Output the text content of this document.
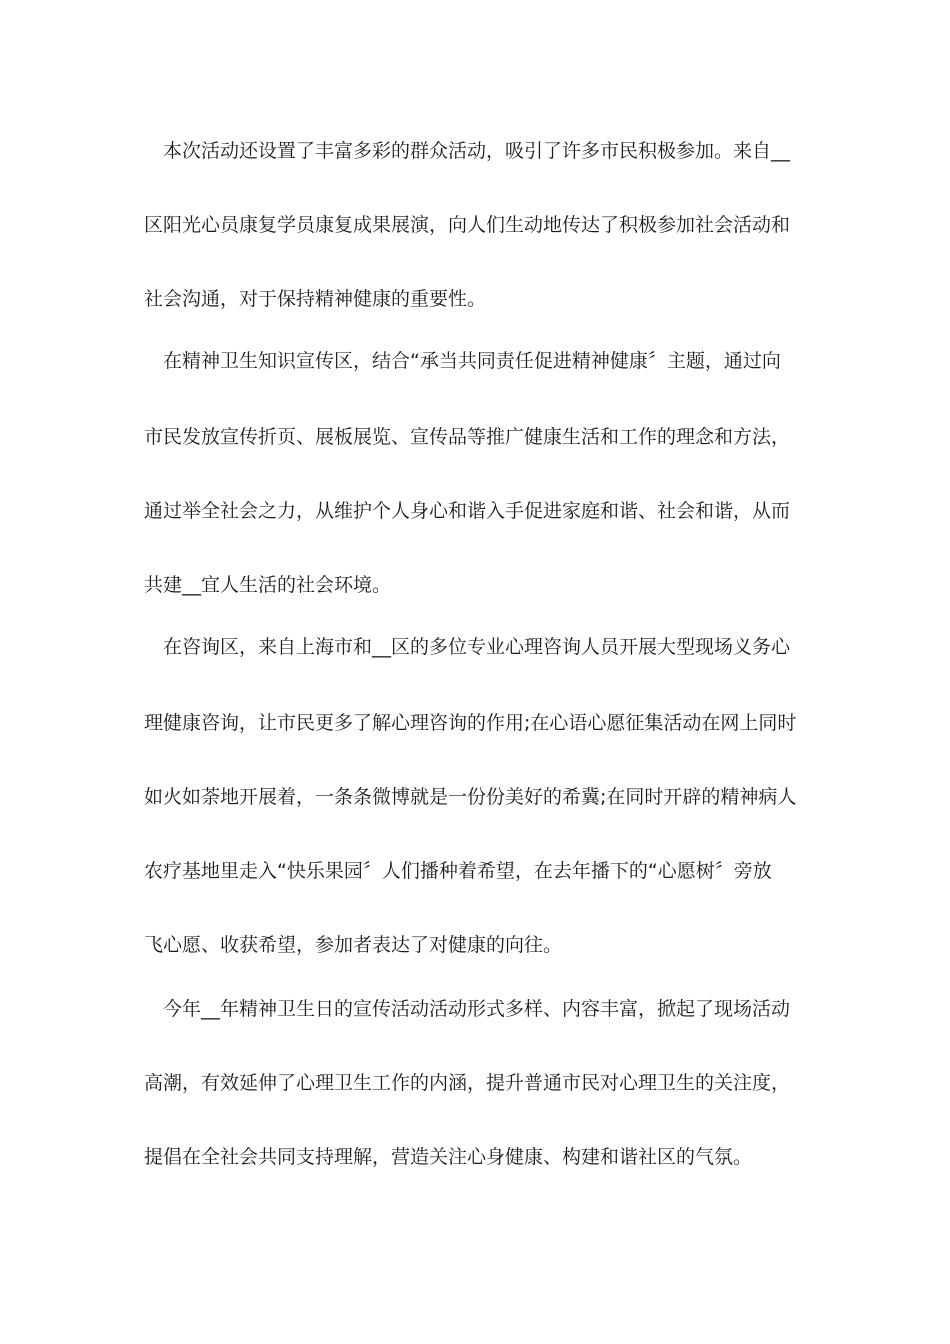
本次活动还设置了丰富多彩的群众活动，吸引了许多市民积极参加。来自__
区阳光心员康复学员康复成果展演，向人们生动地传达了积极参加社会活动和
社会沟通，对于保持精神健康的重要性。
在精神卫生知识宣传区，结合“承当共同责任促进精神健康〞主题，通过向
市民发放宣传折页、展板展览、宣传品等推广健康生活和工作的理念和方法，
通过举全社会之力，从维护个人身心和谐入手促进家庭和谐、社会和谐，从而
共建__宜人生活的社会环境。
在咨询区，来自上海市和__区的多位专业心理咨询人员开展大型现场义务心
理健康咨询，让市民更多了解心理咨询的作用;在心语心愿征集活动在网上同时
如火如荼地开展着，一条条微博就是一份份美好的希冀;在同时开辟的精神病人
农疗基地里走入“快乐果园〞人们播种着希望，在去年播下的“心愿树〞旁放
飞心愿、收获希望，参加者表达了对健康的向往。
今年__年精神卫生日的宣传活动活动形式多样、内容丰富，掀起了现场活动
高潮，有效延伸了心理卫生工作的内涵，提升普通市民对心理卫生的关注度，
提倡在全社会共同支持理解，营造关注心身健康、构建和谐社区的气氛。
